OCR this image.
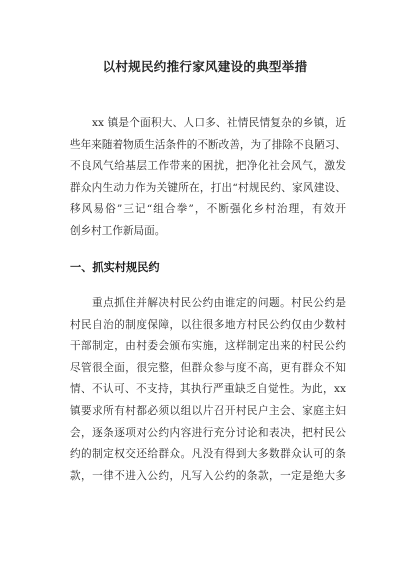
以村规民约推行家风建设的典型举措
xx 镇是个面积大、人口多、社情民情复杂的乡镇，近
些年来随着物质生活条件的不断改善，为了排除不良陋习、
不良风气给基层工作带来的困扰，把净化社会风气，激发
群众内生动力作为关键所在，打出“村规民约、家风建设、
移风易俗”三记“组合拳”，不断强化乡村治理，有效开
创乡村工作新局面。
一、抓实村规民约
重点抓住并解决村民公约由谁定的问题。村民公约是
村民自治的制度保障，以往很多地方村民公约仅由少数村
干部制定，由村委会颁布实施，这样制定出来的村民公约
尽管很全面，很完整，但群众参与度不高，更有群众不知
情、不认可、不支持，其执行严重缺乏自觉性。为此，xx
镇要求所有村都必须以组以片召开村民户主会、家庭主妇
会，逐条逐项对公约内容进行充分讨论和表决，把村民公
约的制定权交还给群众。凡没有得到大多数群众认可的条
款，一律不进入公约，凡写入公约的条款，一定是绝大多
